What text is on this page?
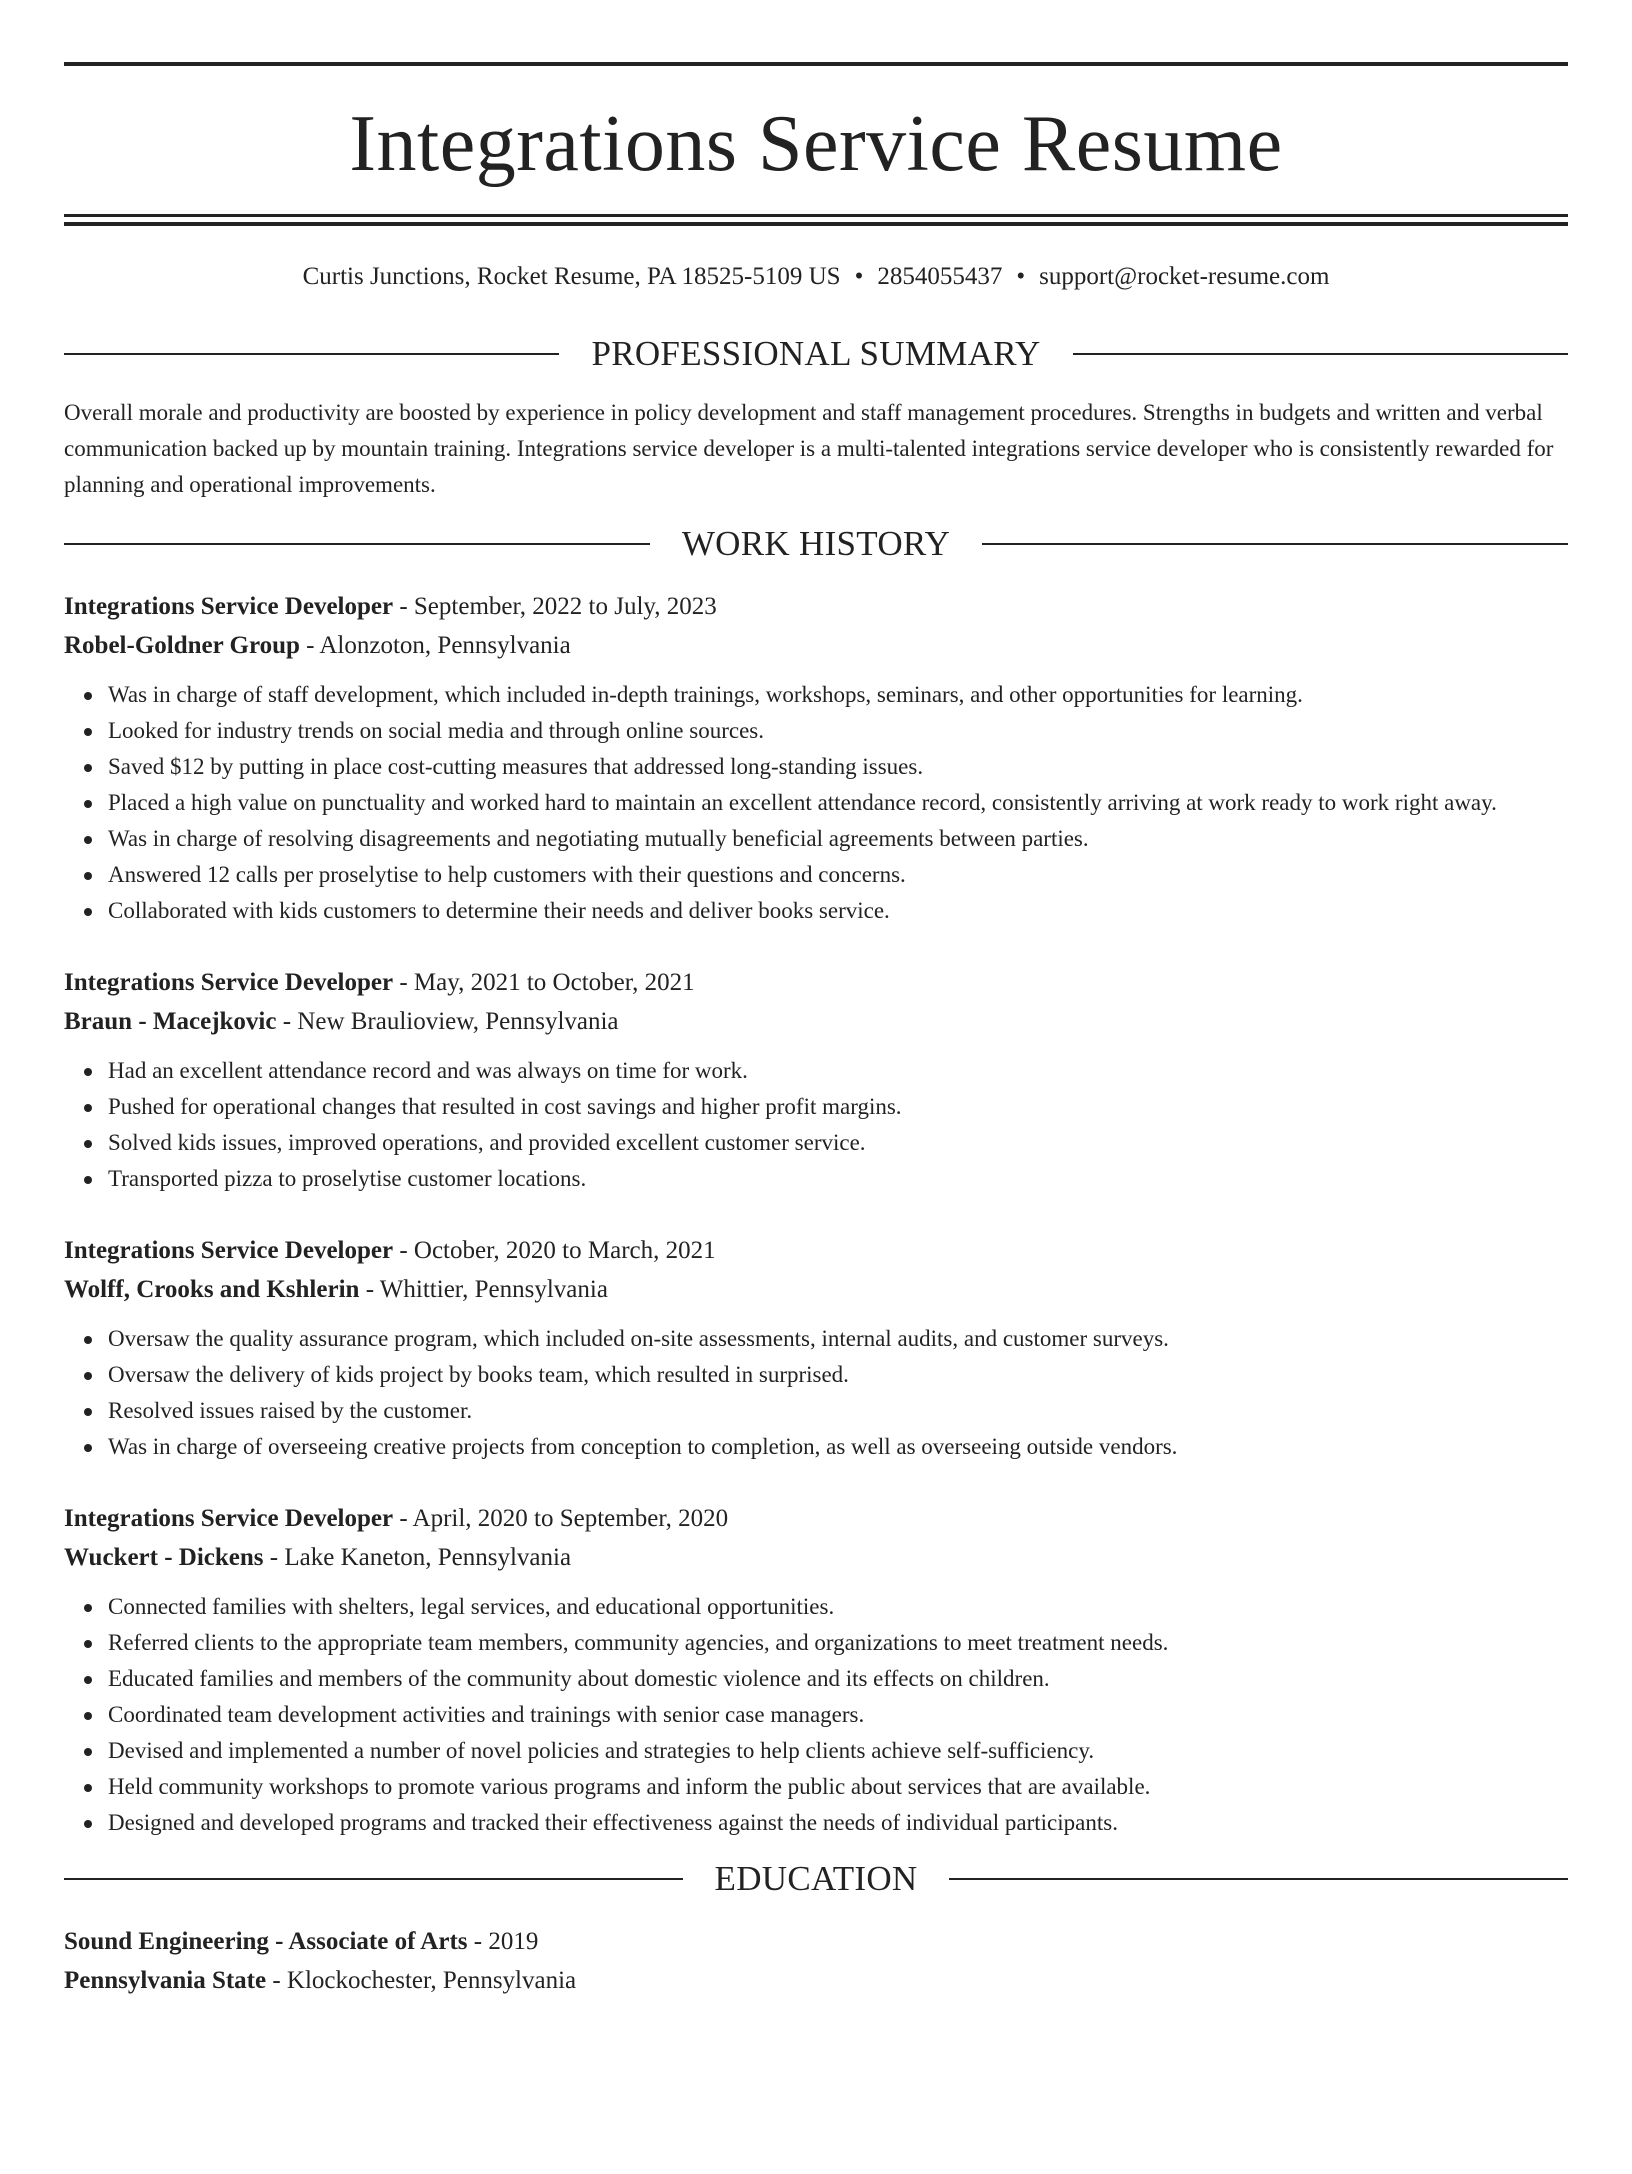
Integrations Service Resume
Curtis Junctions, Rocket Resume, PA 18525-5109 US • 2854055437 • support@rocket-resume.com
PROFESSIONAL SUMMARY

Overall morale and productivity are boosted by experience in policy development and staff management procedures. Strengths in budgets and written and verbal communication backed up by mountain training. Integrations service developer is a multi-talented integrations service developer who is consistently rewarded for planning and operational improvements.

WORK HISTORY
Integrations Service Developer - September, 2022 to July, 2023
Robel-Goldner Group - Alonzoton, Pennsylvania
Was in charge of staff development, which included in-depth trainings, workshops, seminars, and other opportunities for learning.
Looked for industry trends on social media and through online sources.
Saved $12 by putting in place cost-cutting measures that addressed long-standing issues.
Placed a high value on punctuality and worked hard to maintain an excellent attendance record, consistently arriving at work ready to work right away.
Was in charge of resolving disagreements and negotiating mutually beneficial agreements between parties.
Answered 12 calls per proselytise to help customers with their questions and concerns.
Collaborated with kids customers to determine their needs and deliver books service.
Integrations Service Developer - May, 2021 to October, 2021
Braun - Macejkovic - New Braulioview, Pennsylvania
Had an excellent attendance record and was always on time for work.
Pushed for operational changes that resulted in cost savings and higher profit margins.
Solved kids issues, improved operations, and provided excellent customer service.
Transported pizza to proselytise customer locations.
Integrations Service Developer - October, 2020 to March, 2021
Wolff, Crooks and Kshlerin - Whittier, Pennsylvania
Oversaw the quality assurance program, which included on-site assessments, internal audits, and customer surveys.
Oversaw the delivery of kids project by books team, which resulted in surprised.
Resolved issues raised by the customer.
Was in charge of overseeing creative projects from conception to completion, as well as overseeing outside vendors.
Integrations Service Developer - April, 2020 to September, 2020
Wuckert - Dickens - Lake Kaneton, Pennsylvania
Connected families with shelters, legal services, and educational opportunities.
Referred clients to the appropriate team members, community agencies, and organizations to meet treatment needs.
Educated families and members of the community about domestic violence and its effects on children.
Coordinated team development activities and trainings with senior case managers.
Devised and implemented a number of novel policies and strategies to help clients achieve self-sufficiency.
Held community workshops to promote various programs and inform the public about services that are available.
Designed and developed programs and tracked their effectiveness against the needs of individual participants.
EDUCATION
Sound Engineering - Associate of Arts - 2019
Pennsylvania State - Klockochester, Pennsylvania
